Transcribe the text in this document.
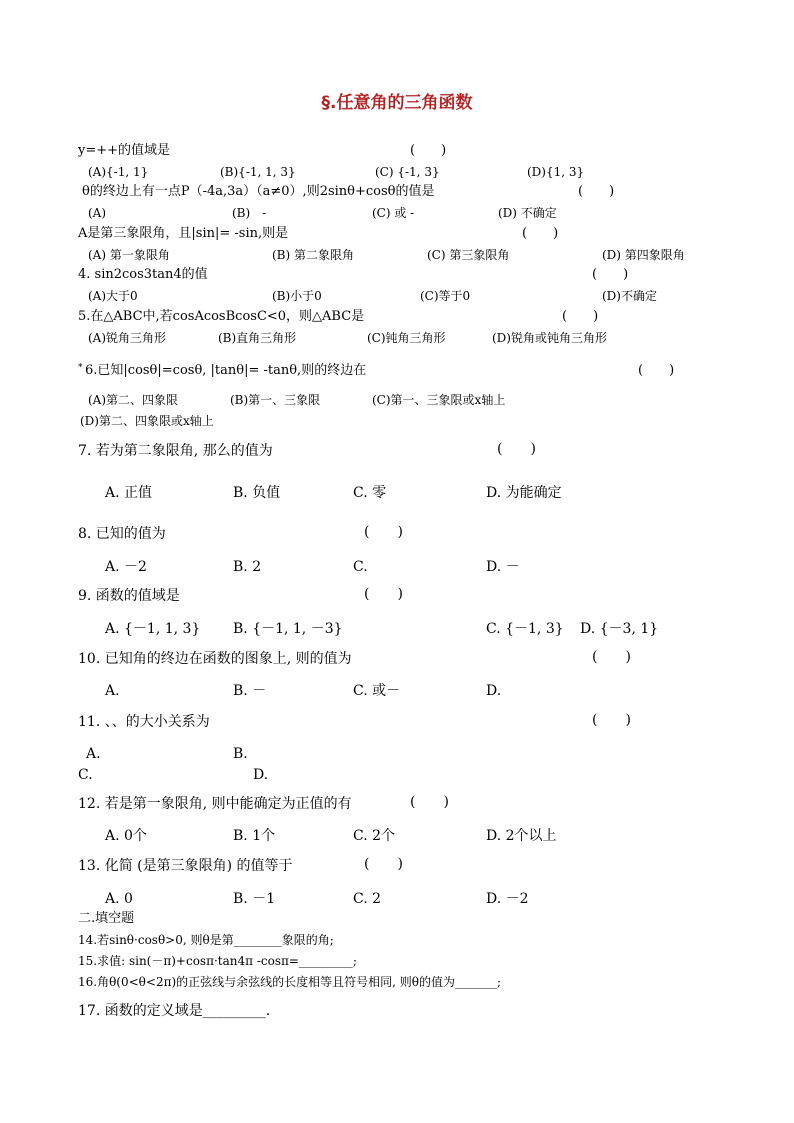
§.任意角的三角函数
y=++的值域是	(　　)
(A){-1, 1}	(B){-1, 1, 3}	(C) {-1, 3}	(D){1, 3}
θ的终边上有一点P（-4a,3a）（a≠0）,则2sinθ+cosθ的值是	(　　)
(A)	(B)　-	(C) 或 -	(D) 不确定
A是第三象限角，且|sin|= -sin,则是	(　　)
(A) 第一象限角	(B) 第二象限角	(C) 第三象限角	(D) 第四象限角
4. sin2cos3tan4的值	(　　)
(A)大于0	(B)小于0	(C)等于0	(D)不确定
5.在△ABC中,若cosAcosBcosC<0，则△ABC是	(　　)
(A)锐角三角形	(B)直角三角形	(C)钝角三角形	(D)锐角或钝角三角形
* 6.已知|cosθ|=cosθ, |tanθ|= -tanθ,则的终边在	(　　)
(A)第二、四象限	(B)第一、三象限	(C)第一、三象限或x轴上
(D)第二、四象限或x轴上
7. 若为第二象限角, 那么的值为	(　　)
A. 正值	B. 负值	C. 零	D. 为能确定
8. 已知的值为	(　　)
A. －2	B. 2	C.	D. －
9. 函数的值域是	(　　)
A. {－1, 1, 3} B. {－1, 1, －3}	C. {－1, 3} D. {－3, 1}
10. 已知角的终边在函数的图象上, 则的值为	(　　)
A.	B. －	C. 或－	D.
11. 、、的大小关系为	(　　)
A.	B.
C.	D.
12. 若是第一象限角, 则中能确定为正值的有	(　　)
A. 0个	B. 1个	C. 2个	D. 2个以上
13. 化简 (是第三象限角) 的值等于	(　　)
A. 0	B. －1	C. 2	D. －2
二.填空题
14.若sinθ·cosθ>0, 则θ是第________象限的角;
15.求值: sin(－π)+cosπ·tan4π -cosπ=_________;
16.角θ(0<θ<2π)的正弦线与余弦线的长度相等且符号相同, 则θ的值为_______;
17. 函数的定义域是_________.
